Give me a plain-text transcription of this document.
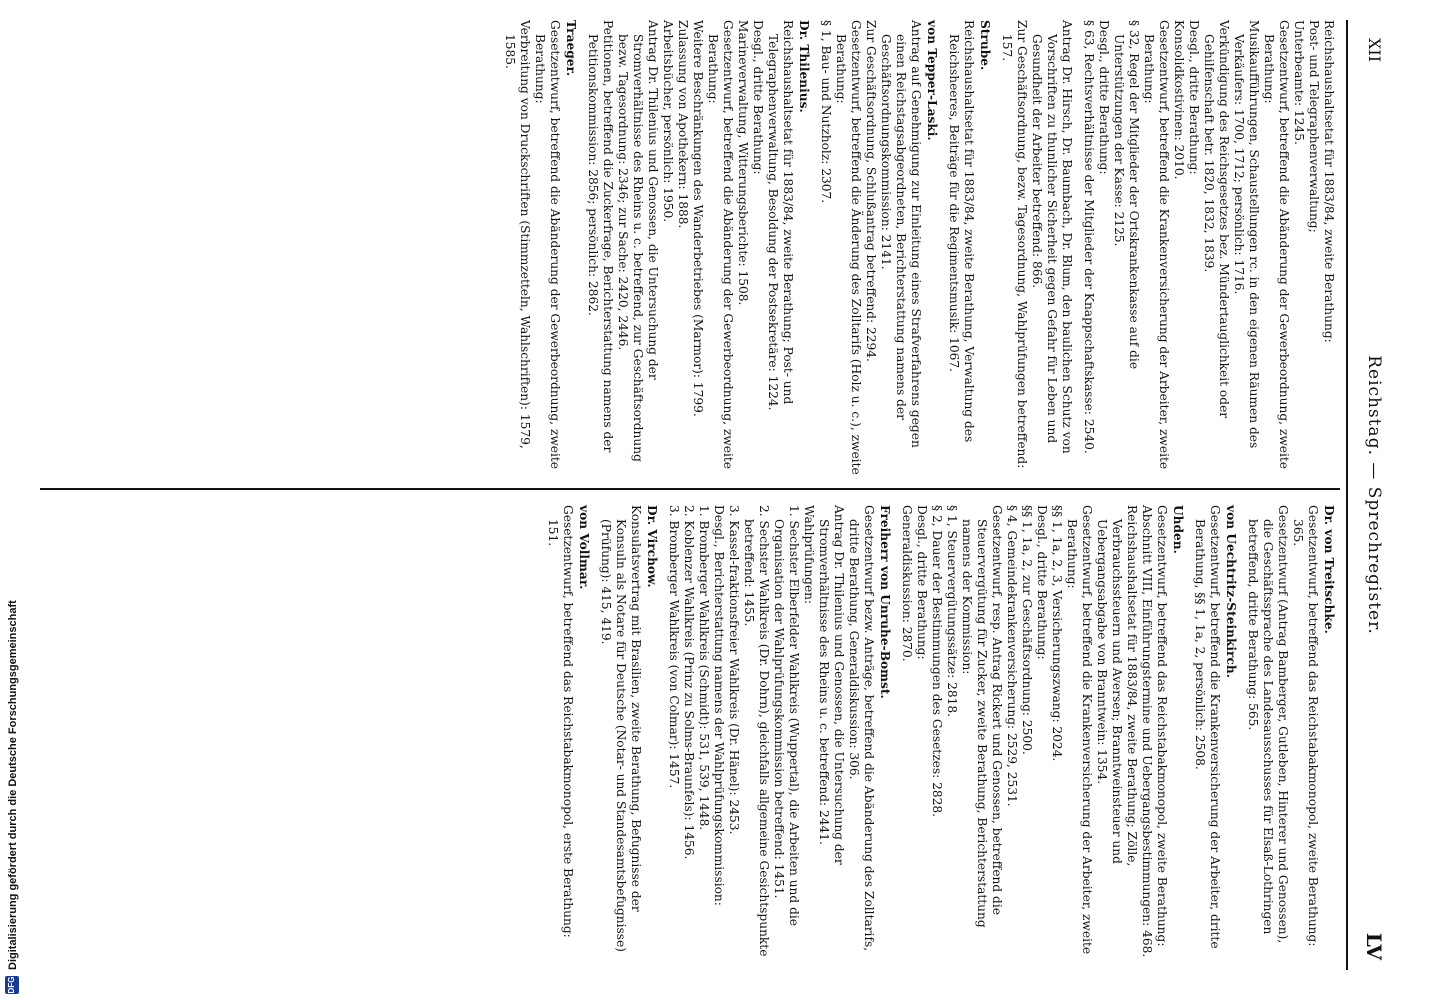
XII
Reichstag. — Sprechregister.
LV
Reichshaushaltsetat für 1883/84, zweite Berathung:
Post- und Telegraphenverwaltung;
Unterbeamte: 1245.
Gesetzentwurf, betreffend die Abänderung der Gewerbeordnung, zweite Berathung:
Musikaufführungen, Schaustellungen rc. in den eigenen Räumen des Verkäufers: 1700, 1712; persönlich: 1716.
Verkündigung des Reichsgesetzes bez. Mündertauglichkeit oder Gehilfenschaft betr. 1820, 1832, 1839.
Desgl., dritte Berathung:
Konsolidkostivinen: 2010.
Gesetzentwurf, betreffend die Krankenversicherung der Arbeiter, zweite Berathung:
§ 32, Regel der Mitglieder der Ortskrankenkasse auf die Unterstützungen der Kasse: 2125.
Desgl., dritte Berathung:
§ 63, Rechtsverhältnisse der Mitglieder der Knappschaftskasse: 2540.
Antrag Dr. Hirsch, Dr. Baumbach, Dr. Blum, den baulichen Schutz von Vorschriften zu thunlicher Sicherheit gegen Gefahr für Leben und Gesundheit der Arbeiter betreffend: 866.
Zur Geschäftsordnung, bezw. Tagesordnung, Wahlprüfungen betreffend: 157.
Strube.
Reichshaushaltsetat für 1883/84, zweite Berathung, Verwaltung des Reichsheeres, Beiträge für die Regimentsmusik: 1067.
von Tepper-Laski.
Antrag auf Genehmigung zur Einleitung eines Strafverfahrens gegen einen Reichstagsabgeordneten, Berichterstattung namens der Geschäftsordnungskommission: 2141.
Zur Geschäftsordnung, Schlußantrag betreffend: 2294.
Gesetzentwurf, betreffend die Änderung des Zolltarifs (Holz u. c.), zweite Berathung:
§ 1, Bau- und Nutzholz: 2307.
Dr. Thilenius.
Reichshaushaltsetat für 1883/84, zweite Berathung; Post- und Telegraphenverwaltung, Besoldung der Postsekretäre: 1224.
Desgl., dritte Berathung:
Marineverwaltung, Witterungsberichte: 1508.
Gesetzentwurf, betreffend die Abänderung der Gewerbeordnung, zweite Berathung:
Weitere Beschränkungen des Wanderbetriebes (Marmor): 1799.
Zulassung von Apothekern: 1888.
Arbeitsbücher, persönlich: 1950.
Antrag Dr. Thilenius und Genossen, die Untersuchung der Stromverhältnisse des Rheins u. c. betreffend, zur Geschäftsordnung bezw. Tagesordnung: 2346; zur Sache: 2420, 2446.
Petitionen, betreffend die Zuckerfrage, Berichterstattung namens der Petitionskommission: 2856; persönlich: 2862.
Traeger.
Gesetzentwurf, betreffend die Abänderung der Gewerbeordnung, zweite Berathung:
Verbreitung von Druckschriften (Stimmzetteln, Wahlschriften): 1579, 1585.
Dr. von Treitschke.
Gesetzentwurf, betreffend das Reichstabakmonopol, zweite Berathung: 365.
Gesetzentwurf (Antrag Bamberger, Gutleben, Hinterer und Genossen), die Geschäftssprache des Landesausschusses für Elsaß-Lothringen betreffend, dritte Berathung: 565.
von Uechtritz-Steinkirch.
Gesetzentwurf, betreffend die Krankenversicherung der Arbeiter, dritte Berathung, §§ 1, 1a, 2, persönlich: 2508.
Uhden.
Gesetzentwurf, betreffend das Reichstabakmonopol, zweite Berathung:
Abschnitt VIII, Einführungstermine und Uebergangsbestimmungen: 468.
Reichshaushaltsetat für 1883/84, zweite Berathung; Zölle, Verbrauchssteuern und Aversen; Branntweinsteuer und Uebergangsabgabe von Branntwein: 1354.
Gesetzentwurf, betreffend die Krankenversicherung der Arbeiter, zweite Berathung:
§§ 1, 1a, 2, 3, Versicherungszwang: 2024.
Desgl., dritte Berathung:
§§ 1, 1a, 2, zur Geschäftsordnung: 2500.
§ 4, Gemeindekrankenversicherung: 2529, 2531.
Gesetzentwurf, resp. Antrag Rickert und Genossen, betreffend die Steuervergütung für Zucker, zweite Berathung, Berichterstattung namens der Kommission:
§ 1, Steuervergütungssätze: 2818.
§ 2, Dauer der Bestimmungen des Gesetzes: 2828.
Desgl., dritte Berathung:
Generaldiskussion: 2870.
Freiherr von Unruhe-Bomst.
Gesetzentwurf bezw. Anträge, betreffend die Abänderung des Zolltarifs, dritte Berathung, Generaldiskussion: 306.
Antrag Dr. Thilenius und Genossen, die Untersuchung der Stromverhältnisse des Rheins u. c. betreffend: 2441.
Wahlprüfungen:
1. Sechster Elberfelder Wahlkreis (Wuppertal), die Arbeiten und die Organisation der Wahlprüfungskommission betreffend: 1451.
2. Sechster Wahlkreis (Dr. Dohrn), gleichfalls allgemeine Gesichtspunkte betreffend: 1455.
3. Kassel-fraktionsfreier Wahlkreis (Dr. Hänel): 2453.
Desgl., Berichterstattung namens der Wahlprüfungskommission:
1. Bromberger Wahlkreis (Schmidt): 531, 539, 1448.
2. Koblenzer Wahlkreis (Prinz zu Solms-Braunfels): 1456.
3. Bromberger Wahlkreis (von Colmar): 1457.
Dr. Virchow.
Konsulatsvertrag mit Brasilien, zweite Berathung, Befugnisse der Konsuln als Notare für Deutsche (Notar- und Standesamtsbefugnisse) (Prüfung): 415, 419.
von Vollmar.
Gesetzentwurf, betreffend das Reichstabakmonopol, erste Berathung: 151.
DFG
Digitalisierung gefördert durch die Deutsche Forschungsgemeinschaft
